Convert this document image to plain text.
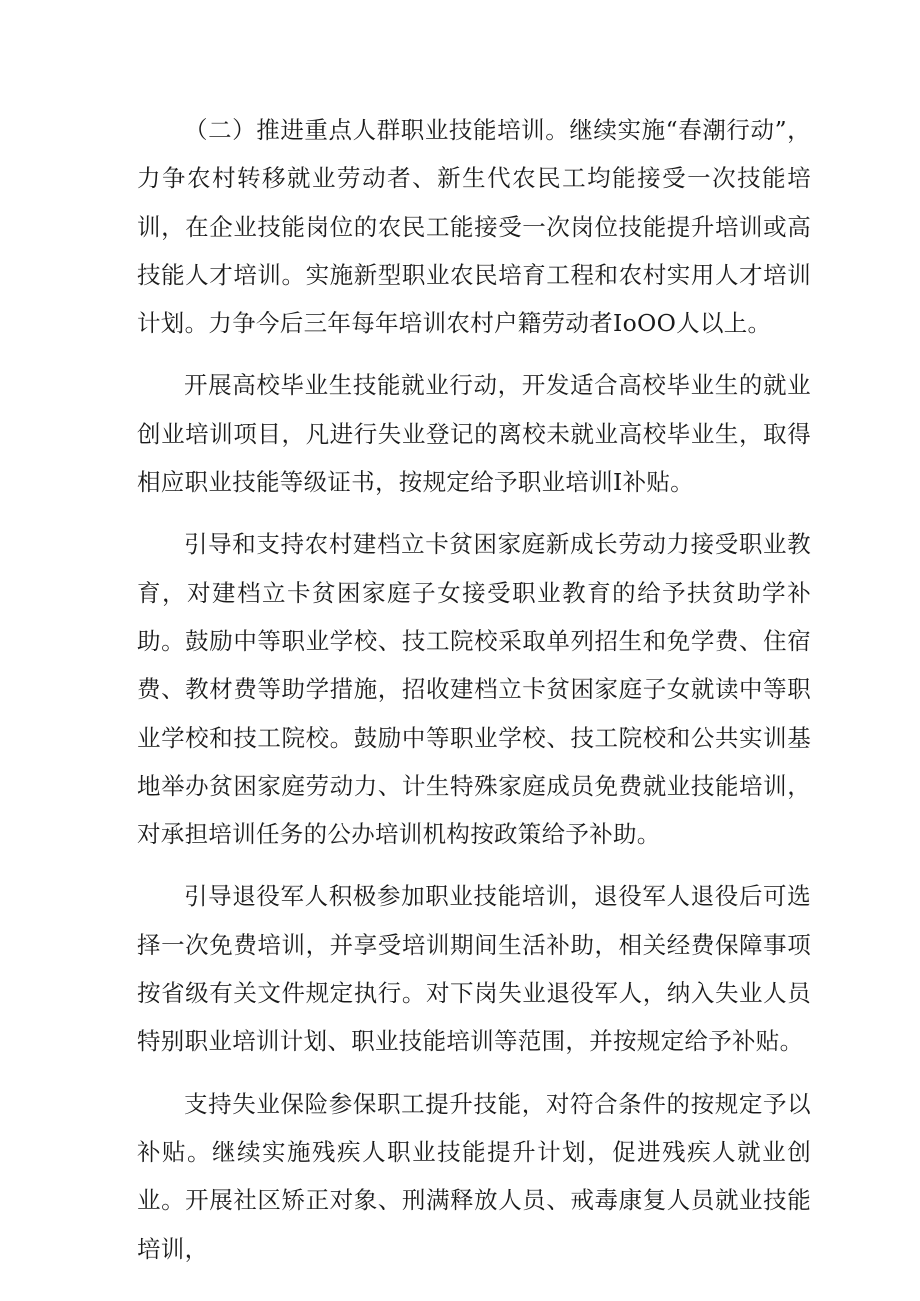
（二）推进重点人群职业技能培训。继续实施“春潮行动”，力争农村转移就业劳动者、新生代农民工均能接受一次技能培训，在企业技能岗位的农民工能接受一次岗位技能提升培训或高技能人才培训。实施新型职业农民培育工程和农村实用人才培训计划。力争今后三年每年培训农村户籍劳动者IoOO人以上。

开展高校毕业生技能就业行动，开发适合高校毕业生的就业创业培训项目，凡进行失业登记的离校未就业高校毕业生，取得相应职业技能等级证书，按规定给予职业培训I补贴。

引导和支持农村建档立卡贫困家庭新成长劳动力接受职业教育，对建档立卡贫困家庭子女接受职业教育的给予扶贫助学补助。鼓励中等职业学校、技工院校采取单列招生和免学费、住宿费、教材费等助学措施，招收建档立卡贫困家庭子女就读中等职业学校和技工院校。鼓励中等职业学校、技工院校和公共实训基地举办贫困家庭劳动力、计生特殊家庭成员免费就业技能培训，对承担培训任务的公办培训机构按政策给予补助。

引导退役军人积极参加职业技能培训，退役军人退役后可选择一次免费培训，并享受培训期间生活补助，相关经费保障事项按省级有关文件规定执行。对下岗失业退役军人，纳入失业人员特别职业培训计划、职业技能培训等范围，并按规定给予补贴。

支持失业保险参保职工提升技能，对符合条件的按规定予以补贴。继续实施残疾人职业技能提升计划，促进残疾人就业创业。开展社区矫正对象、刑满释放人员、戒毒康复人员就业技能培训，
